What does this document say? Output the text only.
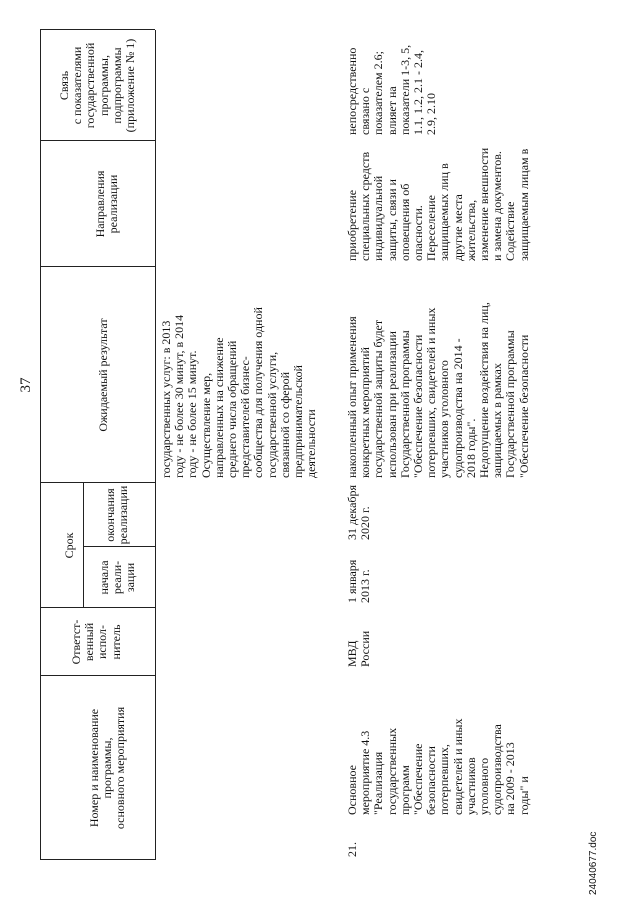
37
Номер и наименование
программы,
основного мероприятия
Ответст-
венный
испол-
нитель
Срок
начала
реали-
зации
окончания
реализации
Ожидаемый результат
Направления
реализации
Связь
с показателями
государственной
программы,
подпрограммы
(приложение № 1)
государственных услуг: в 2013
году - не более 30 минут, в 2014
году - не более 15 минут.
Осуществление мер,
направленных на снижение
среднего числа обращений
представителей бизнес-
сообщества для получения одной
государственной услуги,
связанной со сферой
предпринимательской
деятельности
21.
Основное
мероприятие 4.3
"Реализация
государственных
программ
"Обеспечение
безопасности
потерпевших,
свидетелей и иных
участников
уголовного
судопроизводства
на 2009 - 2013
годы" и
МВД
России
1 января
2013 г.
31 декабря
2020 г.
накопленный опыт применения
конкретных мероприятий
государственной защиты будет
использован при реализации
Государственной программы
"Обеспечение безопасности
потерпевших, свидетелей и иных
участников уголовного
судопроизводства на 2014 -
2018 годы".
Недопущение воздействия на лиц,
защищаемых в рамках
Государственной программы
"Обеспечение безопасности
приобретение
специальных средств
индивидуальной
защиты, связи и
оповещения об
опасности.
Переселение
защищаемых лиц в
другие места
жительства,
изменение внешности
и замена документов.
Содействие
защищаемым лицам в
непосредственно
связано с
показателем 2.6;
влияет на
показатели 1-3, 5,
1.1, 1.2, 2.1 - 2.4,
2.9, 2.10
24040677.doc
